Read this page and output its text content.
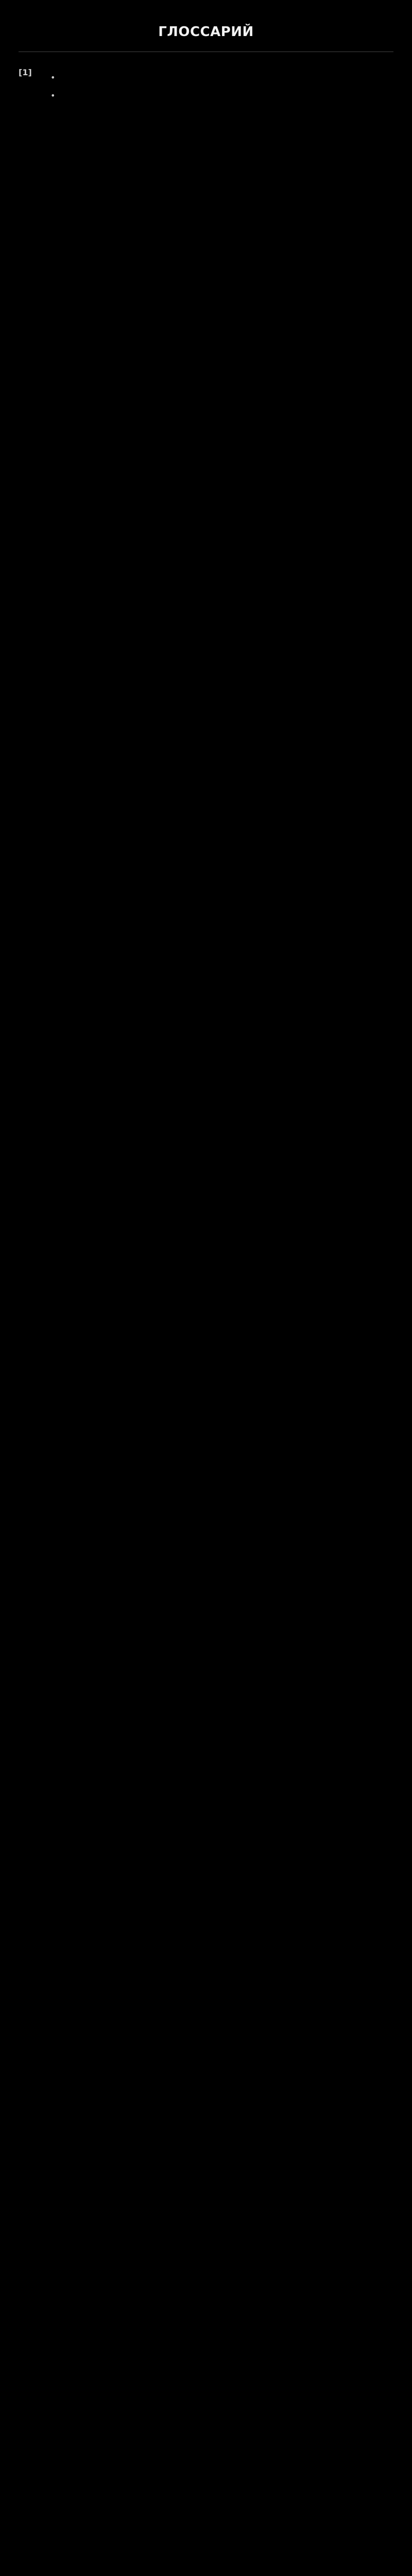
ГЛОССАРИЙ
[1]
•
•
